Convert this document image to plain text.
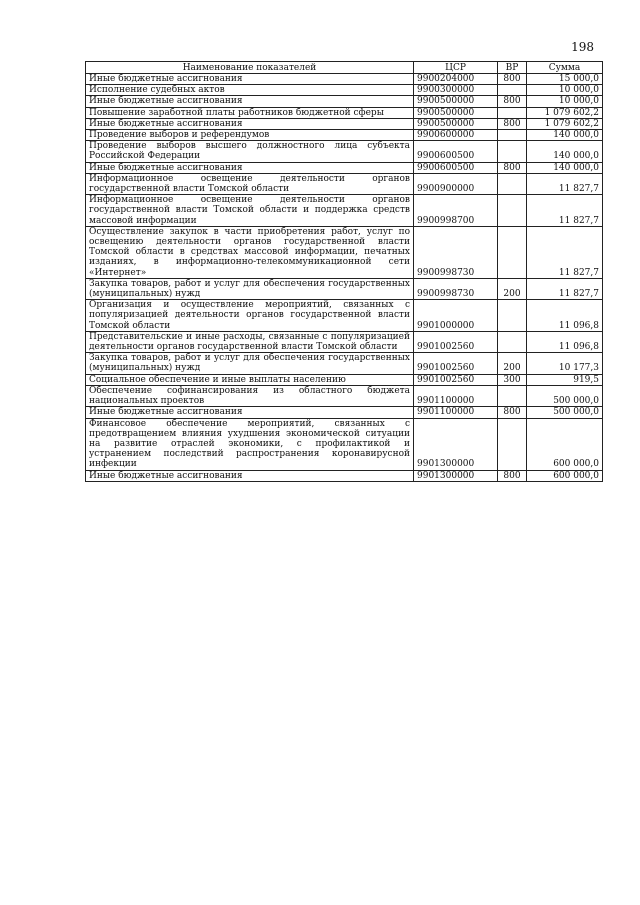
198
Наименование показателей	ЦСР	ВР	Сумма
Иные бюджетные ассигнования	9900204000	800	15 000,0
Исполнение судебных актов	9900300000		10 000,0
Иные бюджетные ассигнования	9900500000	800	10 000,0
Повышение заработной платы работников бюджетной сферы	9900500000		1 079 602,2
Иные бюджетные ассигнования	9900500000	800	1 079 602,2
Проведение выборов и референдумов	9900600000		140 000,0
Проведение выборов высшего должностного лица субъекта Российской Федерации	9900600500		140 000,0
Иные бюджетные ассигнования	9900600500	800	140 000,0
Информационное освещение деятельности органов государственной власти Томской области	9900900000		11 827,7
Информационное освещение деятельности органов государственной власти Томской области и поддержка средств массовой информации	9900998700		11 827,7
Осуществление закупок в части приобретения работ, услуг по освещению деятельности органов государственной власти Томской области в средствах массовой информации, печатных изданиях, в информационно-телекоммуникационной сети «Интернет»	9900998730		11 827,7
Закупка товаров, работ и услуг для обеспечения государственных (муниципальных) нужд	9900998730	200	11 827,7
Организация и осуществление мероприятий, связанных с популяризацией деятельности органов государственной власти Томской области	9901000000		11 096,8
Представительские и иные расходы, связанные с популяризацией деятельности органов государственной власти Томской области	9901002560		11 096,8
Закупка товаров, работ и услуг для обеспечения государственных (муниципальных) нужд	9901002560	200	10 177,3
Социальное обеспечение и иные выплаты населению	9901002560	300	919,5
Обеспечение софинансирования из областного бюджета национальных проектов	9901100000		500 000,0
Иные бюджетные ассигнования	9901100000	800	500 000,0
Финансовое обеспечение мероприятий, связанных с предотвращением влияния ухудшения экономической ситуации на развитие отраслей экономики, с профилактикой и устранением последствий распространения коронавирусной инфекции	9901300000		600 000,0
Иные бюджетные ассигнования	9901300000	800	600 000,0
